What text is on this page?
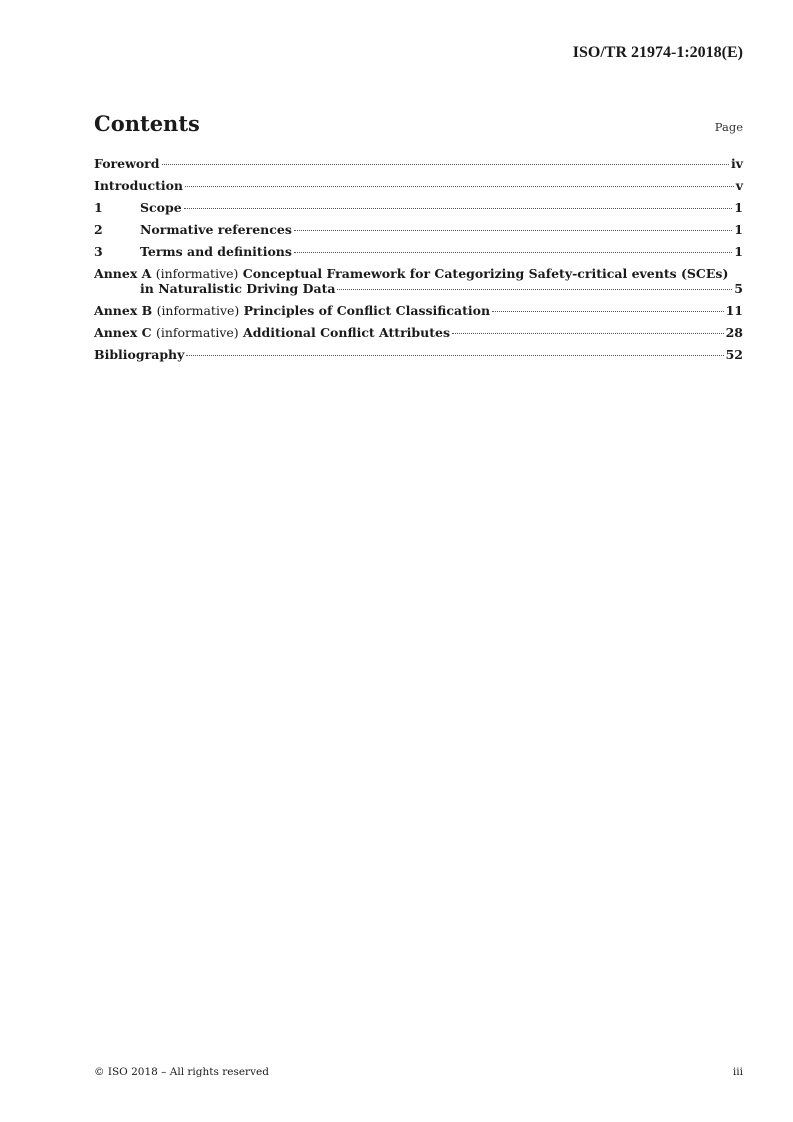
ISO/TR 21974-1:2018(E)
Contents	Page
Foreword	iv
Introduction	v
1	Scope	1
2	Normative references	1
3	Terms and definitions	1
Annex A (informative) Conceptual Framework for Categorizing Safety-critical events (SCEs)
in Naturalistic Driving Data	5
Annex B (informative) Principles of Conflict Classification	11
Annex C (informative) Additional Conflict Attributes	28
Bibliography	52
© ISO 2018 – All rights reserved	iii
